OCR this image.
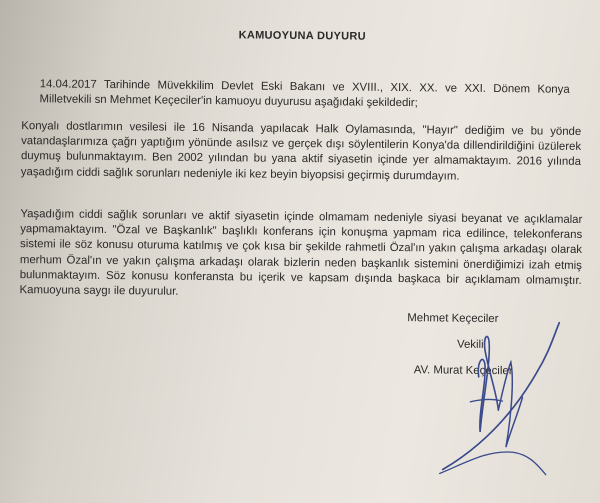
KAMUOYUNA DUYURU

14.04.2017 Tarihinde Müvekkilim Devlet Eski Bakanı ve XVIII., XIX. XX. ve XXI. Dönem Konya Milletvekili sn Mehmet Keçeciler'in kamuoyu duyurusu aşağıdaki şekildedir;

Konyalı dostlarımın vesilesi ile 16 Nisanda yapılacak Halk Oylamasında, "Hayır" dediğim ve bu yönde vatandaşlarımıza çağrı yaptığım yönünde asılsız ve gerçek dışı söylentilerin Konya'da dillendirildiğini üzülerek duymuş bulunmaktayım. Ben 2002 yılından bu yana aktif siyasetin içinde yer almamaktayım. 2016 yılında yaşadığım ciddi sağlık sorunları nedeniyle iki kez beyin biyopsisi geçirmiş durumdayım.

Yaşadığım ciddi sağlık sorunları ve aktif siyasetin içinde olmamam nedeniyle siyasi beyanat ve açıklamalar yapmamaktayım. "Özal ve Başkanlık" başlıklı konferans için konuşma yapmam rica edilince, telekonferans sistemi ile söz konusu oturuma katılmış ve çok kısa bir şekilde rahmetli Özal'ın yakın çalışma arkadaşı olarak merhum Özal'ın ve yakın çalışma arkadaşı olarak bizlerin neden başkanlık sistemini önerdiğimizi izah etmiş bulunmaktayım. Söz konusu konferansta bu içerik ve kapsam dışında başkaca bir açıklamam olmamıştır. Kamuoyuna saygı ile duyurulur.

Mehmet Keçeciler
Vekili
AV. Murat Keçeciler
